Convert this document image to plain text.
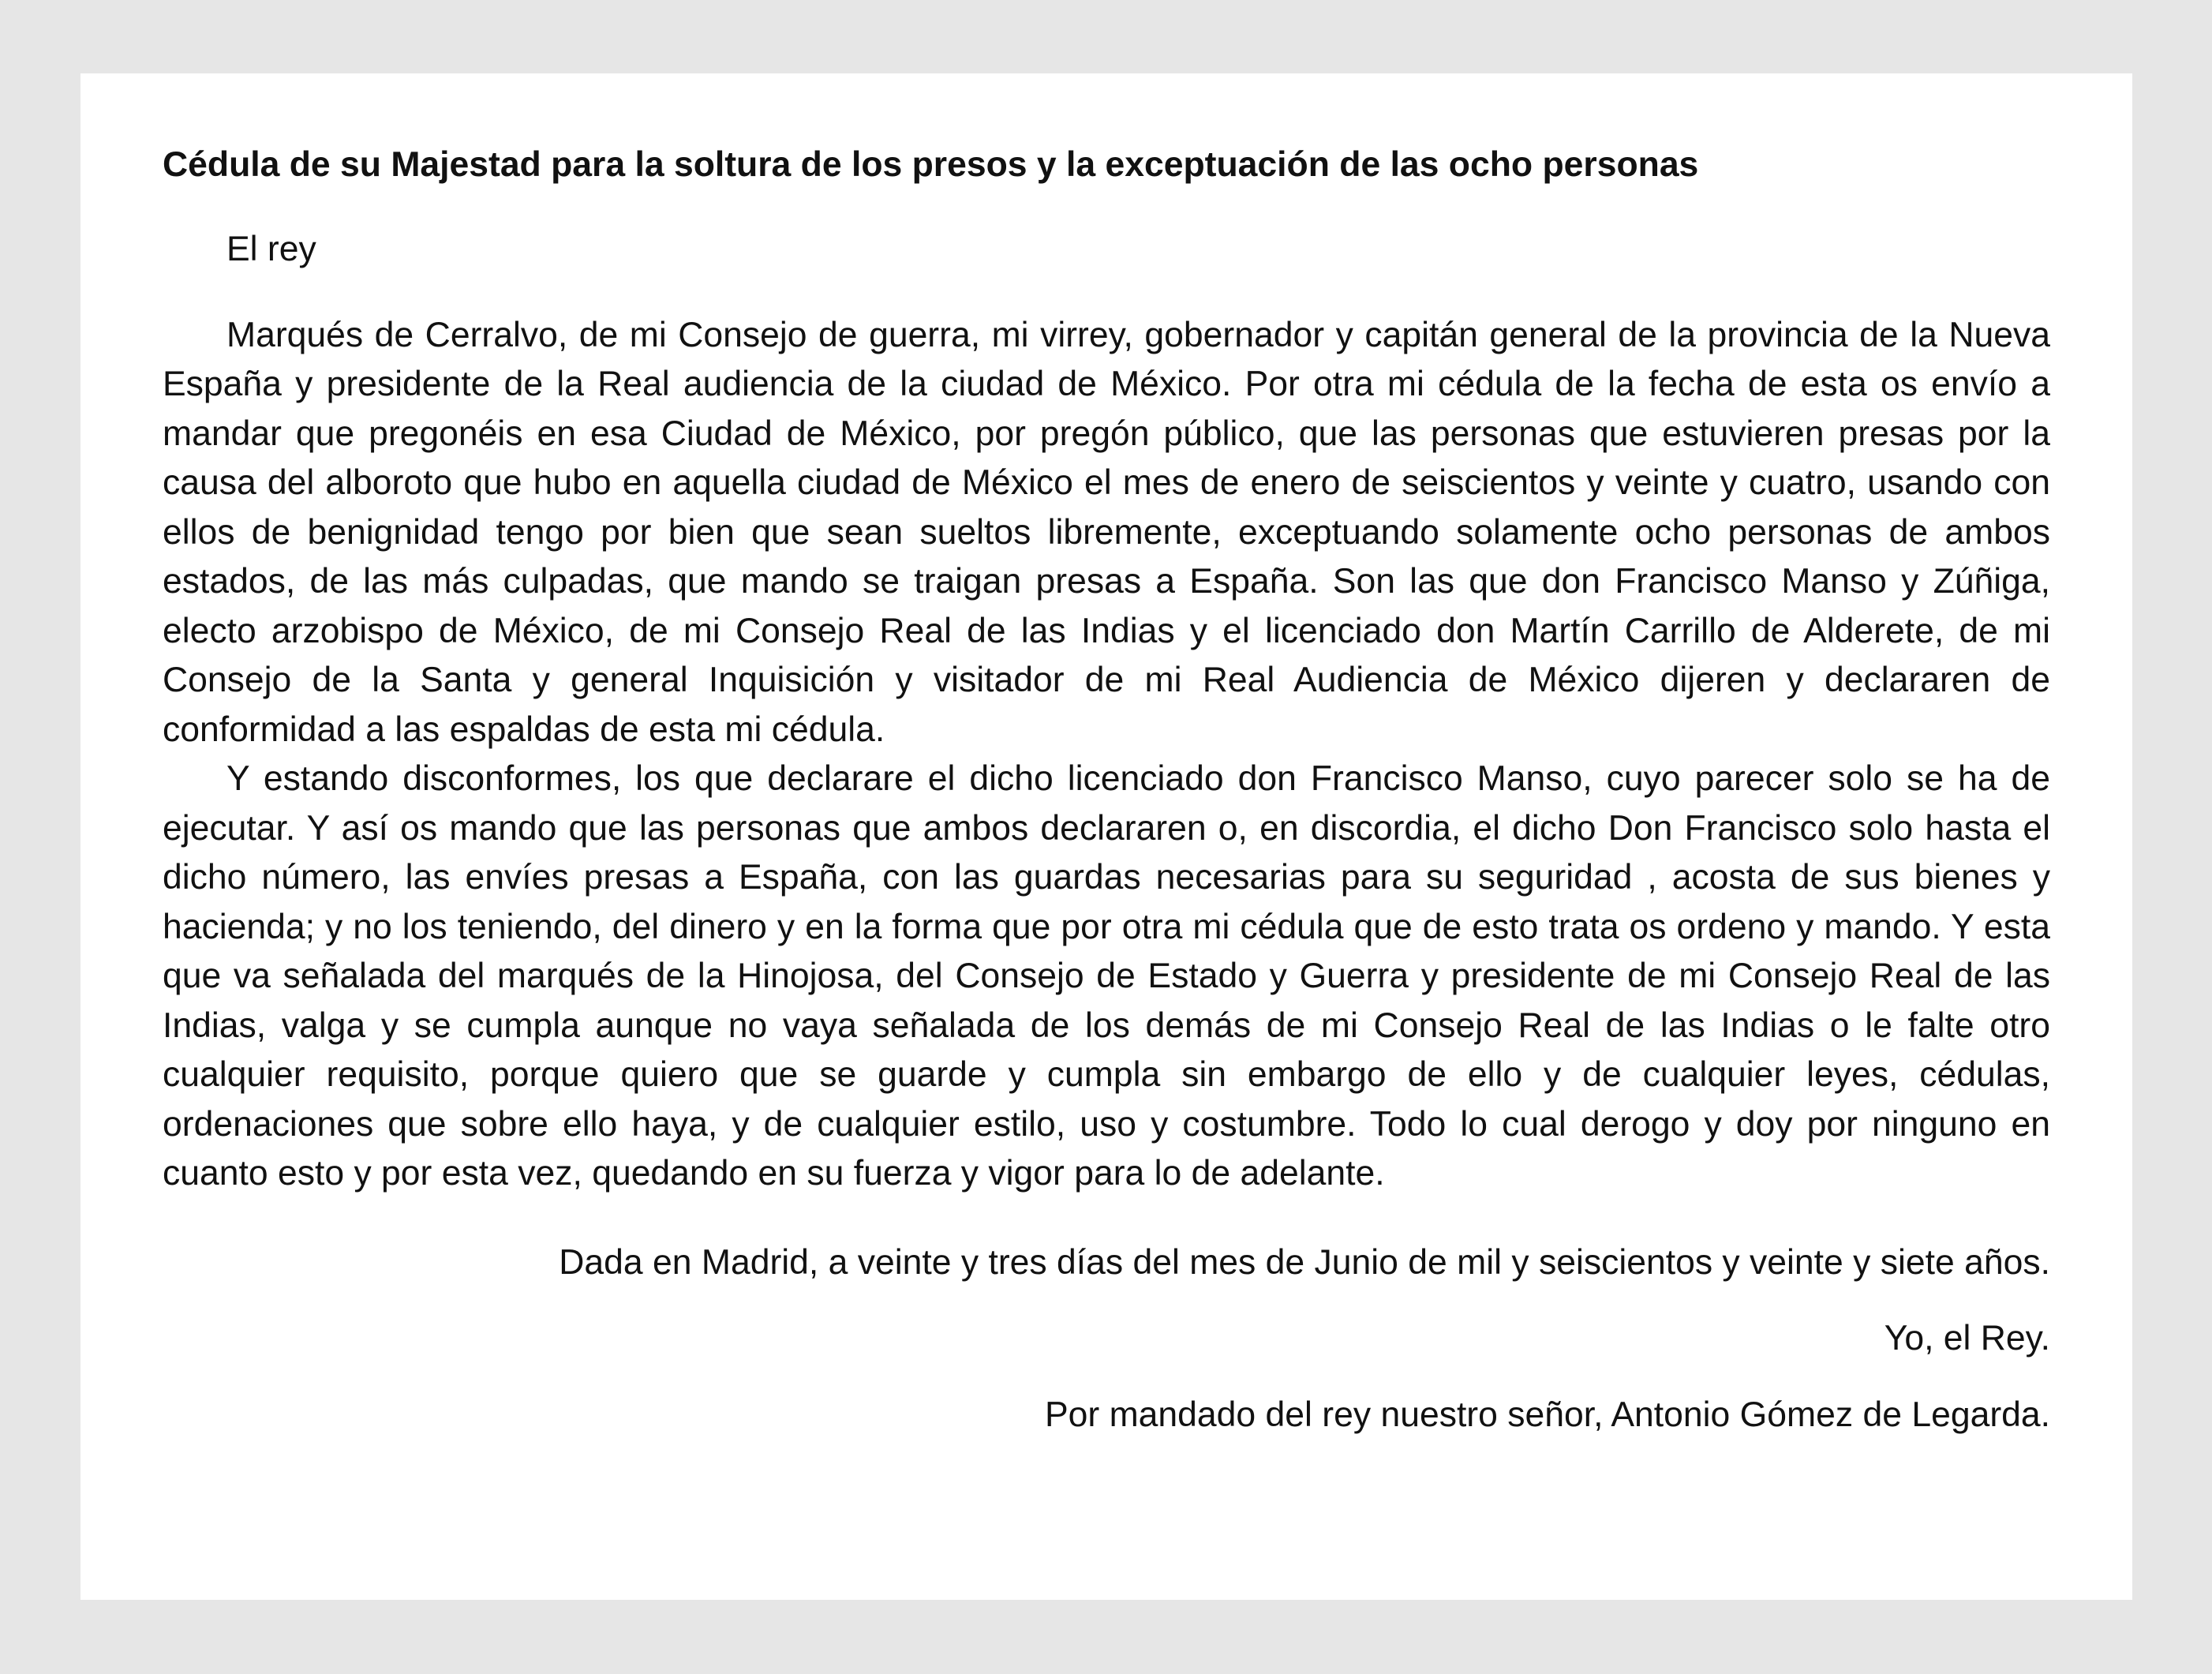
Cédula de su Majestad para la soltura de los presos y la exceptuación de las ocho personas

El rey

Marqués de Cerralvo, de mi Consejo de guerra, mi virrey, gobernador y capitán general de la provincia de la Nueva España y presidente de la Real audiencia de la ciudad de México. Por otra mi cédula de la fecha de esta os envío a mandar que pregonéis en esa Ciudad de México, por pregón público, que las personas que estuvieren presas por la causa del alboroto que hubo en aquella ciudad de México el mes de enero de seiscientos y veinte y cuatro, usando con ellos de benignidad tengo por bien que sean sueltos libremente, exceptuando solamente ocho personas de ambos estados, de las más culpadas, que mando se traigan presas a España. Son las que don Francisco Manso y Zúñiga, electo arzobispo de México, de mi Consejo Real de las Indias y el licenciado don Martín Carrillo de Alderete, de mi Consejo de la Santa y general Inquisición y visitador de mi Real Audiencia de México dijeren y declararen de conformidad a las espaldas de esta mi cédula.

Y estando disconformes, los que declarare el dicho licenciado don Francisco Manso, cuyo parecer solo se ha de ejecutar. Y así os mando que las personas que ambos declararen o, en discordia, el dicho Don Francisco solo hasta el dicho número, las envíes presas a España, con las guardas necesarias para su seguridad , acosta de sus bienes y hacienda; y no los teniendo, del dinero y en la forma que por otra mi cédula que de esto trata os ordeno y mando. Y esta que va señalada del marqués de la Hinojosa, del Consejo de Estado y Guerra y presidente de mi Consejo Real de las Indias, valga y se cumpla aunque no vaya señalada de los demás de mi Consejo Real de las Indias o le falte otro cualquier requisito, porque quiero que se guarde y cumpla sin embargo de ello y de cualquier leyes, cédulas, ordenaciones que sobre ello haya, y de cualquier estilo, uso y costumbre. Todo lo cual derogo y doy por ninguno en cuanto esto y por esta vez, quedando en su fuerza y vigor para lo de adelante.

Dada en Madrid, a veinte y tres días del mes de Junio de mil y seiscientos y veinte y siete años.

Yo, el Rey.

Por mandado del rey nuestro señor, Antonio Gómez de Legarda.
